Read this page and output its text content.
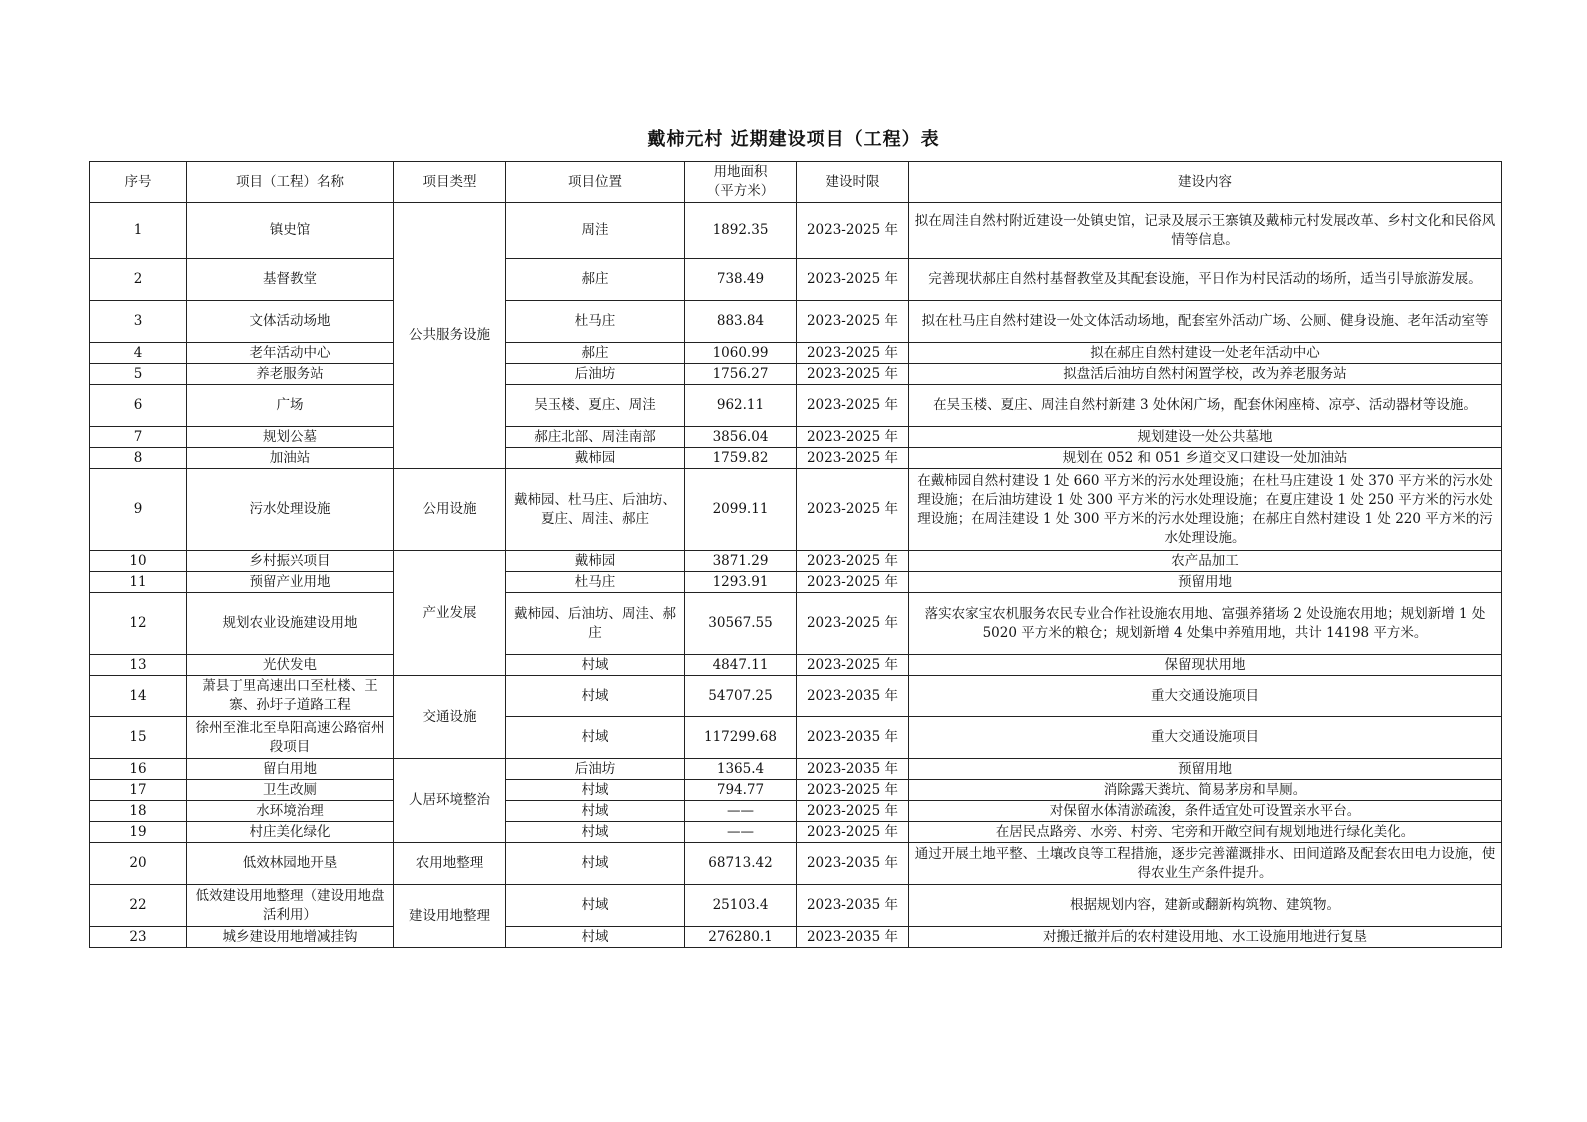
戴柿元村 近期建设项目（工程）表
序号	项目（工程）名称	项目类型	项目位置	用地面积（平方米）	建设时限	建设内容
1	镇史馆	公共服务设施	周洼	1892.35	2023-2025 年	拟在周洼自然村附近建设一处镇史馆，记录及展示王寨镇及戴柿元村发展改革、乡村文化和民俗风情等信息。
2	基督教堂		郝庄	738.49	2023-2025 年	完善现状郝庄自然村基督教堂及其配套设施，平日作为村民活动的场所，适当引导旅游发展。
3	文体活动场地		杜马庄	883.84	2023-2025 年	拟在杜马庄自然村建设一处文体活动场地，配套室外活动广场、公厕、健身设施、老年活动室等
4	老年活动中心		郝庄	1060.99	2023-2025 年	拟在郝庄自然村建设一处老年活动中心
5	养老服务站		后油坊	1756.27	2023-2025 年	拟盘活后油坊自然村闲置学校，改为养老服务站
6	广场		吴玉楼、夏庄、周洼	962.11	2023-2025 年	在吴玉楼、夏庄、周洼自然村新建 3 处休闲广场，配套休闲座椅、凉亭、活动器材等设施。
7	规划公墓		郝庄北部、周洼南部	3856.04	2023-2025 年	规划建设一处公共墓地
8	加油站		戴柿园	1759.82	2023-2025 年	规划在 052 和 051 乡道交叉口建设一处加油站
9	污水处理设施	公用设施	戴柿园、杜马庄、后油坊、夏庄、周洼、郝庄	2099.11	2023-2025 年	在戴柿园自然村建设 1 处 660 平方米的污水处理设施；在杜马庄建设 1 处 370 平方米的污水处理设施；在后油坊建设 1 处 300 平方米的污水处理设施；在夏庄建设 1 处 250 平方米的污水处理设施；在周洼建设 1 处 300 平方米的污水处理设施；在郝庄自然村建设 1 处 220 平方米的污水处理设施。
10	乡村振兴项目	产业发展	戴柿园	3871.29	2023-2025 年	农产品加工
11	预留产业用地		杜马庄	1293.91	2023-2025 年	预留用地
12	规划农业设施建设用地		戴柿园、后油坊、周洼、郝庄	30567.55	2023-2025 年	落实农家宝农机服务农民专业合作社设施农用地、富强养猪场 2 处设施农用地；规划新增 1 处 5020 平方米的粮仓；规划新增 4 处集中养殖用地，共计 14198 平方米。
13	光伏发电		村域	4847.11	2023-2025 年	保留现状用地
14	萧县丁里高速出口至杜楼、王寨、孙圩子道路工程	交通设施	村域	54707.25	2023-2035 年	重大交通设施项目
15	徐州至淮北至阜阳高速公路宿州段项目		村域	117299.68	2023-2035 年	重大交通设施项目
16	留白用地	人居环境整治	后油坊	1365.4	2023-2035 年	预留用地
17	卫生改厕		村域	794.77	2023-2025 年	消除露天粪坑、简易茅房和旱厕。
18	水环境治理		村域	——	2023-2025 年	对保留水体清淤疏浚，条件适宜处可设置亲水平台。
19	村庄美化绿化		村域	——	2023-2025 年	在居民点路旁、水旁、村旁、宅旁和开敞空间有规划地进行绿化美化。
20	低效林园地开垦	农用地整理	村域	68713.42	2023-2035 年	通过开展土地平整、土壤改良等工程措施，逐步完善灌溉排水、田间道路及配套农田电力设施，使得农业生产条件提升。
22	低效建设用地整理（建设用地盘活利用）	建设用地整理	村域	25103.4	2023-2035 年	根据规划内容，建新或翻新构筑物、建筑物。
23	城乡建设用地增减挂钩		村域	276280.1	2023-2035 年	对搬迁撤并后的农村建设用地、水工设施用地进行复垦
